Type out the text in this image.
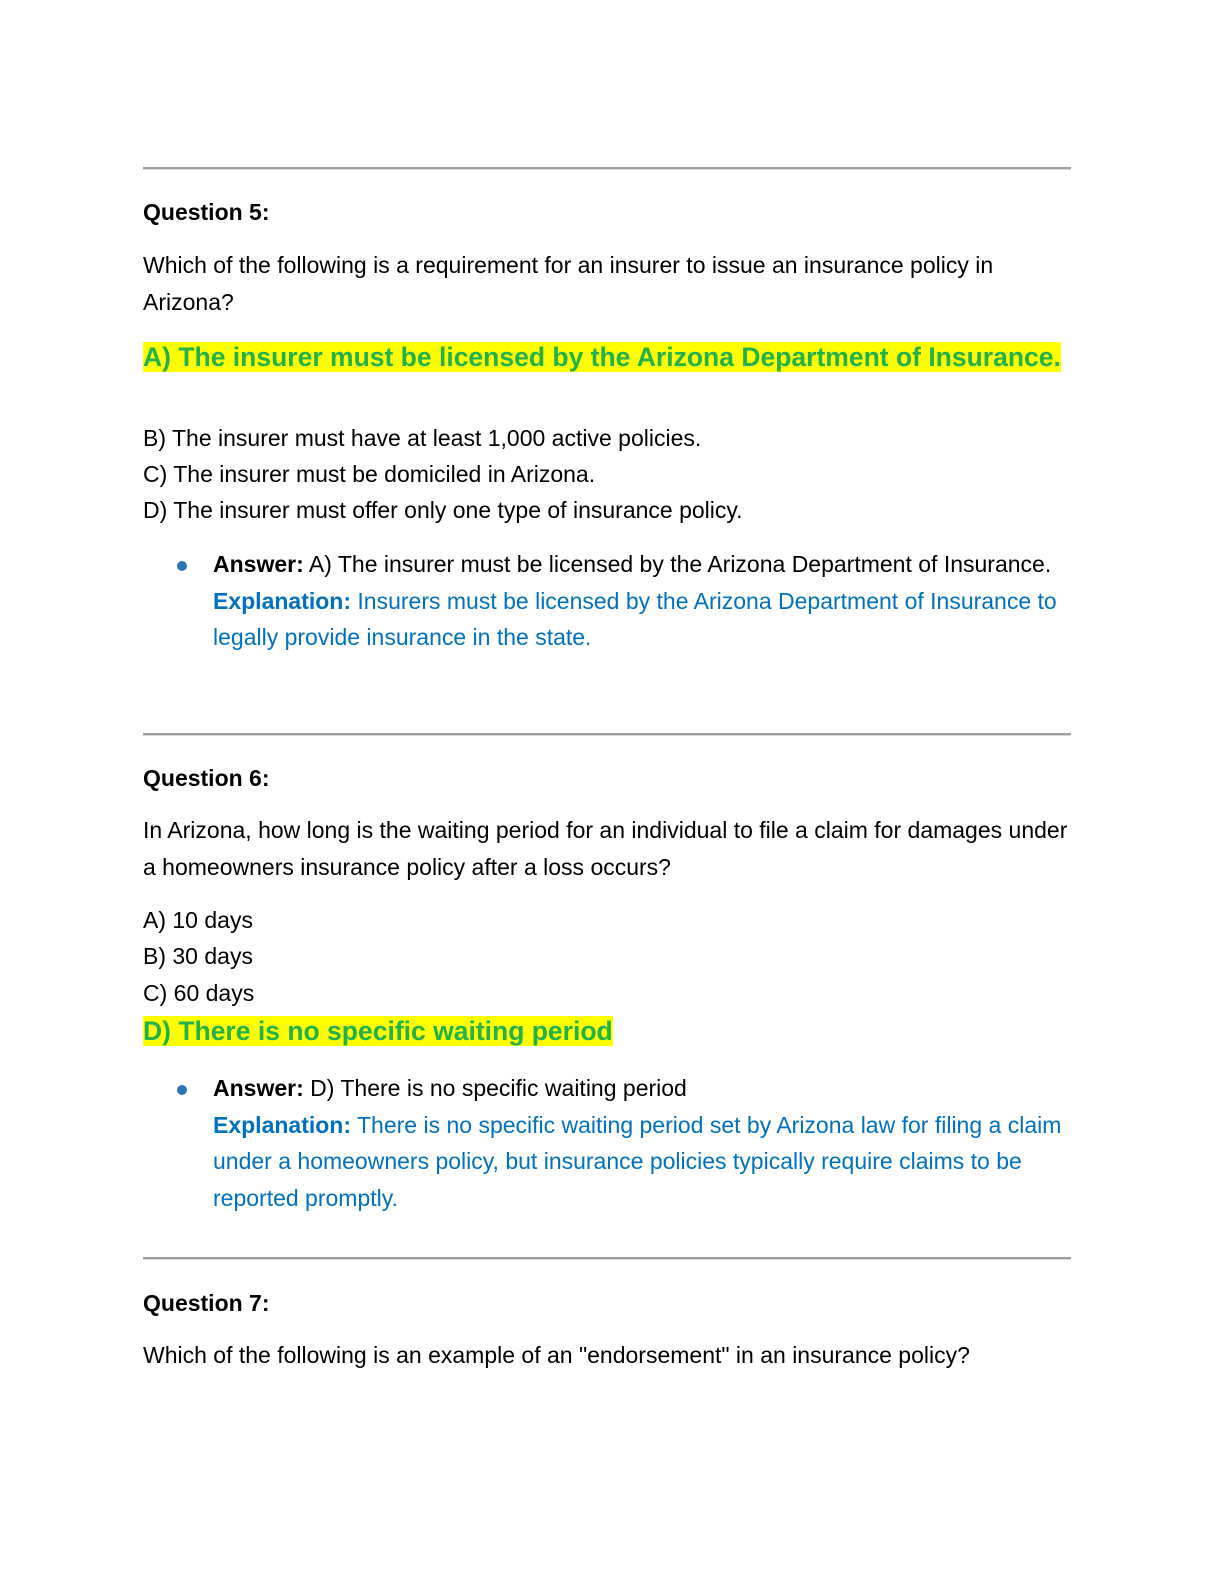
Question 5:
Which of the following is a requirement for an insurer to issue an insurance policy in Arizona?
A) The insurer must be licensed by the Arizona Department of Insurance.
B) The insurer must have at least 1,000 active policies.
C) The insurer must be domiciled in Arizona.
D) The insurer must offer only one type of insurance policy.
Answer: A) The insurer must be licensed by the Arizona Department of Insurance.
Explanation: Insurers must be licensed by the Arizona Department of Insurance to legally provide insurance in the state.
Question 6:
In Arizona, how long is the waiting period for an individual to file a claim for damages under a homeowners insurance policy after a loss occurs?
A) 10 days
B) 30 days
C) 60 days
D) There is no specific waiting period
Answer: D) There is no specific waiting period
Explanation: There is no specific waiting period set by Arizona law for filing a claim under a homeowners policy, but insurance policies typically require claims to be reported promptly.
Question 7:
Which of the following is an example of an "endorsement" in an insurance policy?
